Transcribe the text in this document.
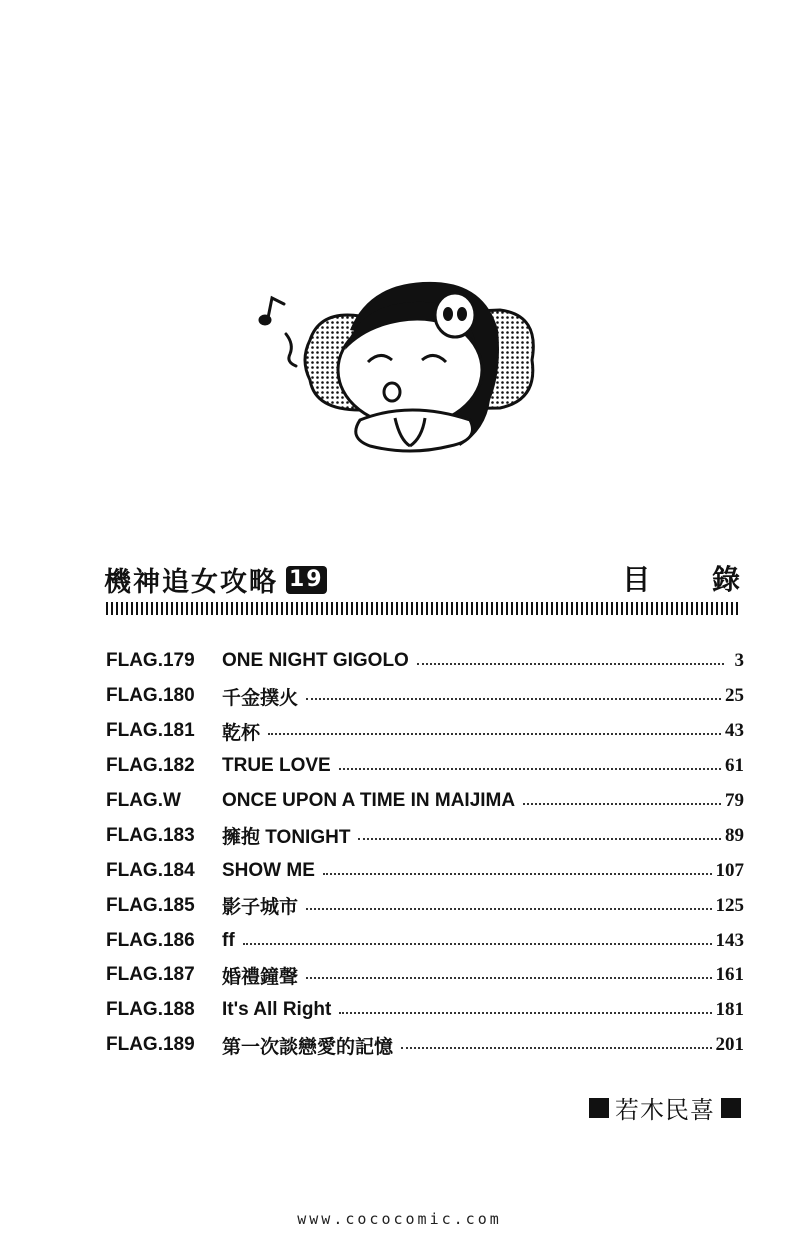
機神追女攻略 19	目 錄
FLAG.179	ONE NIGHT GIGOLO	3
FLAG.180	千金撲火	25
FLAG.181	乾杯	43
FLAG.182	TRUE LOVE	61
FLAG.W	ONCE UPON A TIME IN MAIJIMA	79
FLAG.183	擁抱 TONIGHT	89
FLAG.184	SHOW ME	107
FLAG.185	影子城市	125
FLAG.186	ff	143
FLAG.187	婚禮鐘聲	161
FLAG.188	It's All Right	181
FLAG.189	第一次談戀愛的記憶	201
若木民喜
www.cococomic.com
